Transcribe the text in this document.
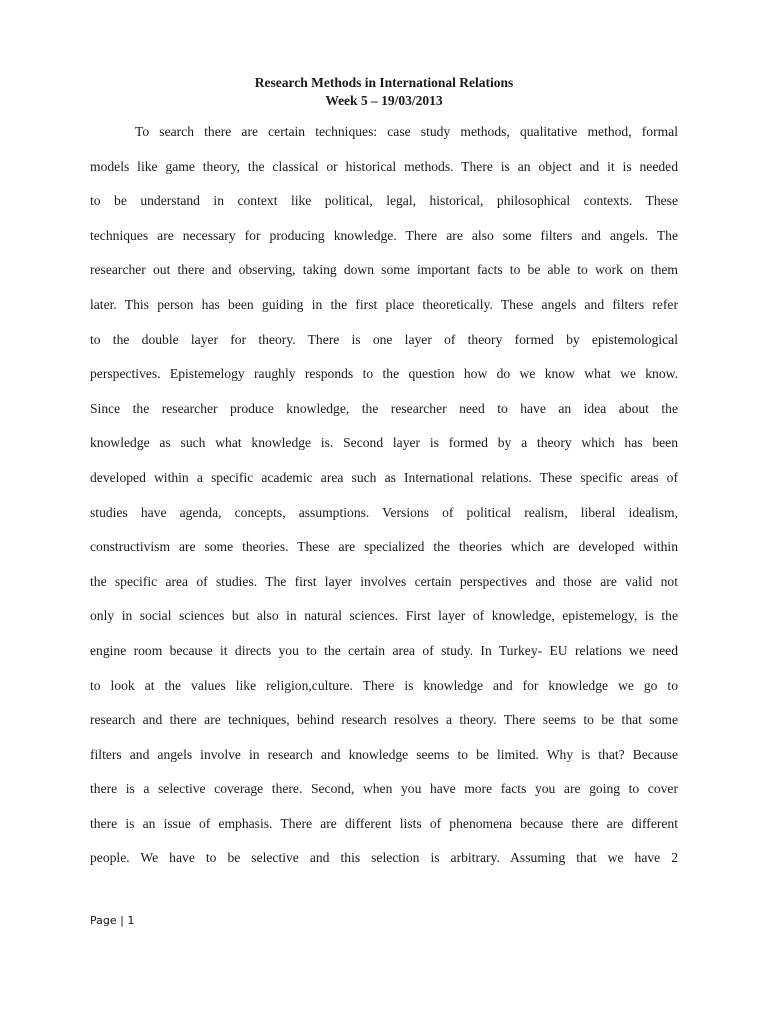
Research Methods in International Relations
Week 5 – 19/03/2013
To search there are certain techniques: case study methods, qualitative method, formal
models like game theory, the classical or historical methods. There is an object and it is needed
to be understand in context like political, legal, historical, philosophical contexts. These
techniques are necessary for producing knowledge. There are also some filters and angels. The
researcher out there and observing, taking down some important facts to be able to work on them
later. This person has been guiding in the first place theoretically. These angels and filters refer
to the double layer for theory. There is one layer of theory formed by epistemological
perspectives. Epistemelogy raughly responds to the question how do we know what we know.
Since the researcher produce knowledge, the researcher need to have an idea about the
knowledge as such what knowledge is. Second layer is formed by a theory which has been
developed within a specific academic area such as International relations. These specific areas of
studies have agenda, concepts, assumptions. Versions of political realism, liberal idealism,
constructivism are some theories. These are specialized the theories which are developed within
the specific area of studies. The first layer involves certain perspectives and those are valid not
only in social sciences but also in natural sciences. First layer of knowledge, epistemelogy, is the
engine room because it directs you to the certain area of study. In Turkey- EU relations we need
to look at the values like religion,culture. There is knowledge and for knowledge we go to
research and there are techniques, behind research resolves a theory. There seems to be that some
filters and angels involve in research and knowledge seems to be limited. Why is that? Because
there is a selective coverage there. Second, when you have more facts you are going to cover
there is an issue of emphasis. There are different lists of phenomena because there are different
people. We have to be selective and this selection is arbitrary. Assuming that we have 2
Page | 1
